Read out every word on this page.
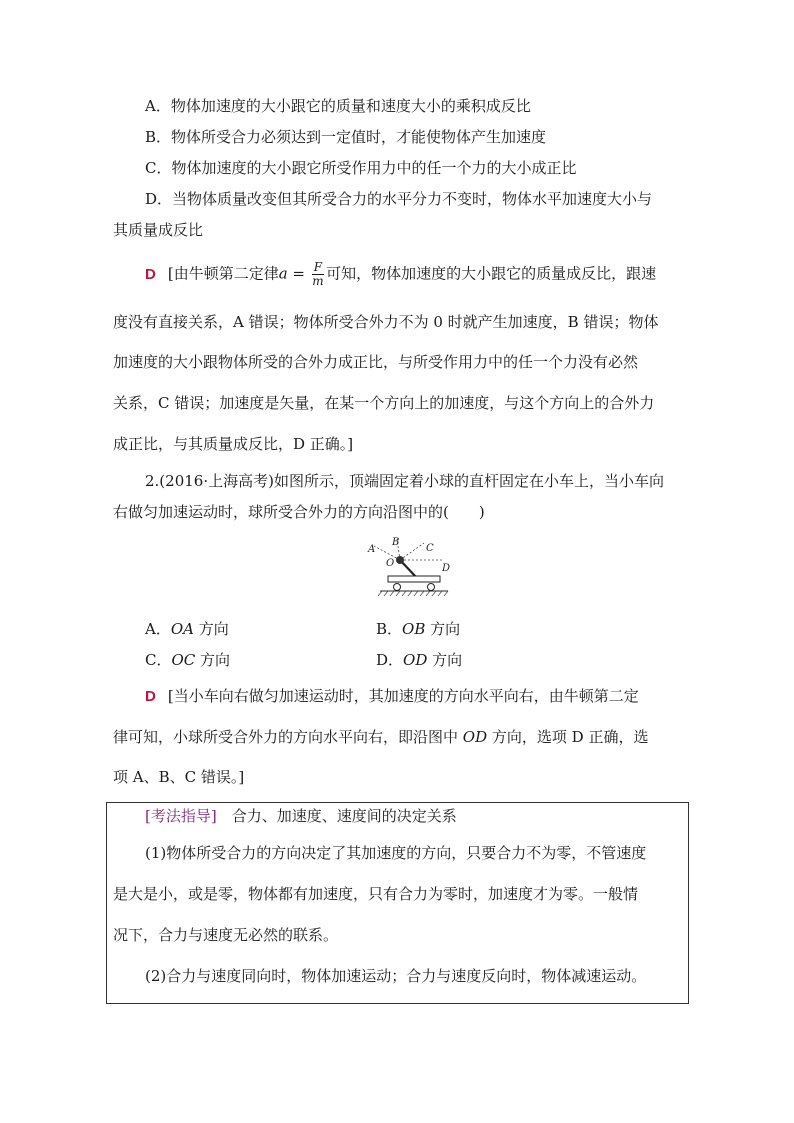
A．物体加速度的大小跟它的质量和速度大小的乘积成反比
B．物体所受合力必须达到一定值时，才能使物体产生加速度
C．物体加速度的大小跟它所受作用力中的任一个力的大小成正比
D．当物体质量改变但其所受合力的水平分力不变时，物体水平加速度大小与
其质量成反比
D [由牛顿第二定律$a = \frac{F}{m}$ 可知，物体加速度的大小跟它的质量成反比，跟速
度没有直接关系，A 错误；物体所受合外力不为 0 时就产生加速度，B 错误；物体
加速度的大小跟物体所受的合外力成正比，与所受作用力中的任一个力没有必然
关系，C 错误；加速度是矢量，在某一个方向上的加速度，与这个方向上的合外力
成正比，与其质量成反比，D 正确。]
2.(2016·上海高考)如图所示，顶端固定着小球的直杆固定在小车上，当小车向
右做匀加速运动时，球所受合外力的方向沿图中的(　　)
A
B
C
D
O
A．OA 方向	B．OB 方向
C．OC 方向	D．OD 方向
D [当小车向右做匀加速运动时，其加速度的方向水平向右，由牛顿第二定
律可知，小球所受合外力的方向水平向右，即沿图中 OD 方向，选项 D 正确，选
项 A、B、C 错误。]
[考法指导]　合力、加速度、速度间的决定关系
(1)物体所受合力的方向决定了其加速度的方向，只要合力不为零，不管速度
是大是小，或是零，物体都有加速度，只有合力为零时，加速度才为零。一般情
况下，合力与速度无必然的联系。
(2)合力与速度同向时，物体加速运动；合力与速度反向时，物体减速运动。
